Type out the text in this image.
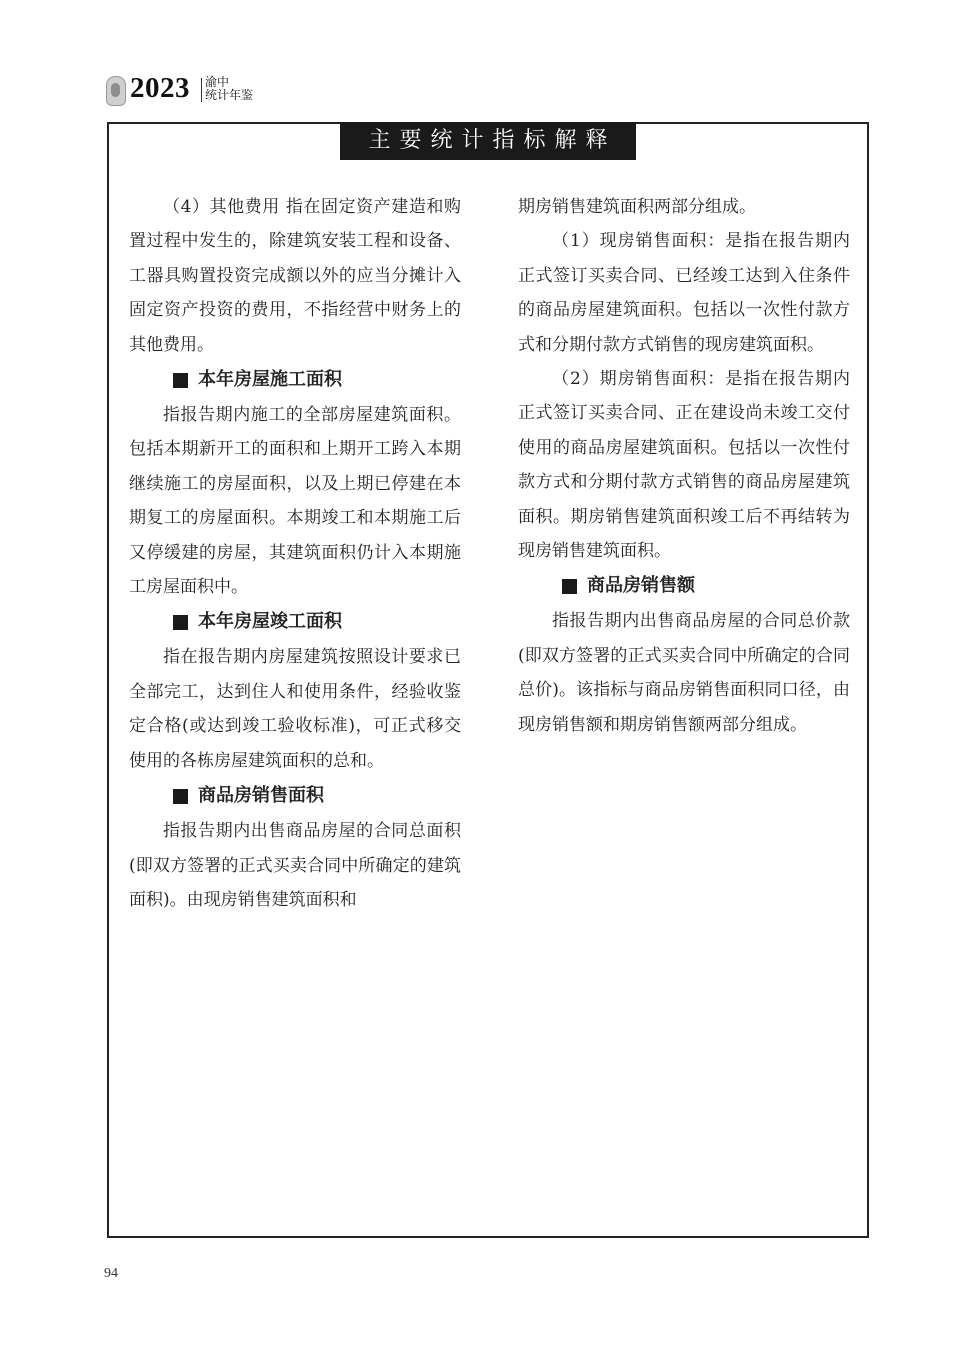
2023 渝中
统计年鉴
主要统计指标解释

（4）其他费用 指在固定资产建造和购置过程中发生的，除建筑安装工程和设备、工器具购置投资完成额以外的应当分摊计入固定资产投资的费用，不指经营中财务上的其他费用。

本年房屋施工面积

指报告期内施工的全部房屋建筑面积。包括本期新开工的面积和上期开工跨入本期继续施工的房屋面积，以及上期已停建在本期复工的房屋面积。本期竣工和本期施工后又停缓建的房屋，其建筑面积仍计入本期施工房屋面积中。

本年房屋竣工面积

指在报告期内房屋建筑按照设计要求已全部完工，达到住人和使用条件，经验收鉴定合格(或达到竣工验收标准)，可正式移交使用的各栋房屋建筑面积的总和。

商品房销售面积

指报告期内出售商品房屋的合同总面积(即双方签署的正式买卖合同中所确定的建筑面积)。由现房销售建筑面积和

期房销售建筑面积两部分组成。

（1）现房销售面积：是指在报告期内正式签订买卖合同、已经竣工达到入住条件的商品房屋建筑面积。包括以一次性付款方式和分期付款方式销售的现房建筑面积。

（2）期房销售面积：是指在报告期内正式签订买卖合同、正在建设尚未竣工交付使用的商品房屋建筑面积。包括以一次性付款方式和分期付款方式销售的商品房屋建筑面积。期房销售建筑面积竣工后不再结转为现房销售建筑面积。

商品房销售额

指报告期内出售商品房屋的合同总价款(即双方签署的正式买卖合同中所确定的合同总价)。该指标与商品房销售面积同口径，由现房销售额和期房销售额两部分组成。

94
